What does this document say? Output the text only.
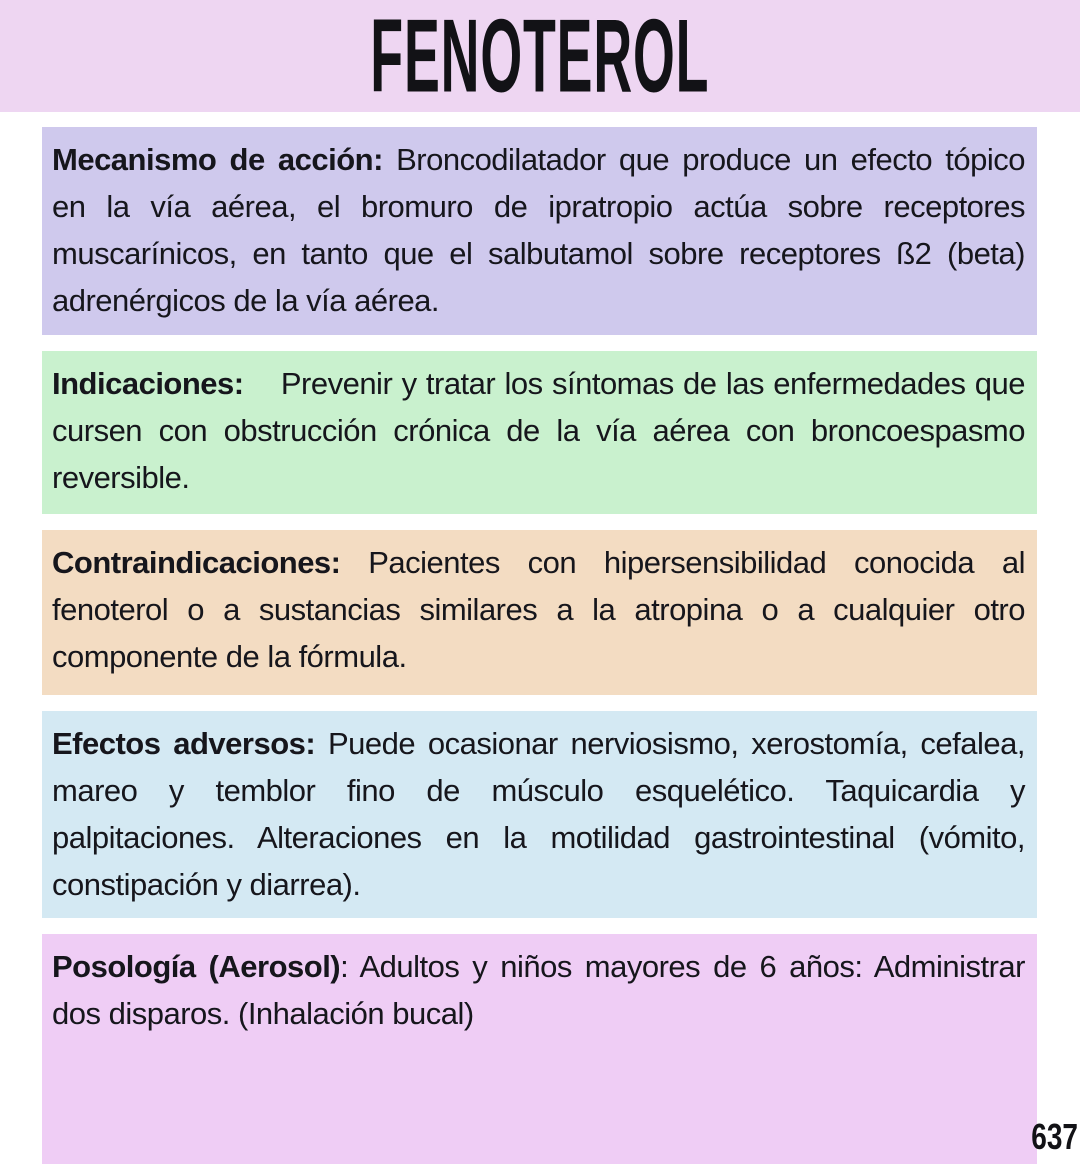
FENOTEROL

Mecanismo de acción: Broncodilatador que produce un efecto tópico en la vía aérea, el bromuro de ipratropio actúa sobre receptores muscarínicos, en tanto que el salbutamol sobre receptores ß2 (beta) adrenérgicos de la vía aérea.

Indicaciones:    Prevenir y tratar los síntomas de las enfermedades que cursen con obstrucción crónica de la vía aérea con broncoespasmo reversible.

Contraindicaciones: Pacientes con hipersensibilidad conocida al fenoterol o a sustancias similares a la atropina o a cualquier otro componente de la fórmula.

Efectos adversos: Puede ocasionar nerviosismo, xerostomía, cefalea, mareo y temblor fino de músculo esquelético. Taquicardia y palpitaciones. Alteraciones en la motilidad gastrointestinal (vómito, constipación y diarrea).

Posología (Aerosol): Adultos y niños mayores de 6 años: Administrar dos disparos. (Inhalación bucal)

637
